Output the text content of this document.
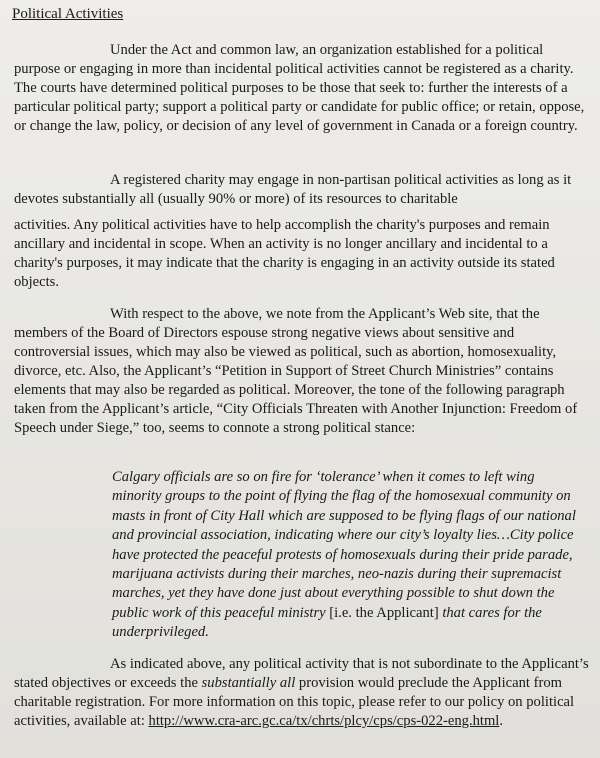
Political Activities

Under the Act and common law, an organization established for a political purpose or engaging in more than incidental political activities cannot be registered as a charity. The courts have determined political purposes to be those that seek to: further the interests of a particular political party; support a political party or candidate for public office; or retain, oppose, or change the law, policy, or decision of any level of government in Canada or a foreign country.

A registered charity may engage in non-partisan political activities as long as it devotes substantially all (usually 90% or more) of its resources to charitable

activities. Any political activities have to help accomplish the charity's purposes and remain ancillary and incidental in scope. When an activity is no longer ancillary and incidental to a charity's purposes, it may indicate that the charity is engaging in an activity outside its stated objects.

With respect to the above, we note from the Applicant’s Web site, that the members of the Board of Directors espouse strong negative views about sensitive and controversial issues, which may also be viewed as political, such as abortion, homosexuality, divorce, etc. Also, the Applicant’s “Petition in Support of Street Church Ministries” contains elements that may also be regarded as political. Moreover, the tone of the following paragraph taken from the Applicant’s article, “City Officials Threaten with Another Injunction: Freedom of Speech under Siege,” too, seems to connote a strong political stance:

Calgary officials are so on fire for ‘tolerance’ when it comes to left wing minority groups to the point of flying the flag of the homosexual community on masts in front of City Hall which are supposed to be flying flags of our national and provincial association, indicating where our city’s loyalty lies…City police have protected the peaceful protests of homosexuals during their pride parade, marijuana activists during their marches, neo-nazis during their supremacist marches, yet they have done just about everything possible to shut down the public work of this peaceful ministry [i.e. the Applicant] that cares for the underprivileged.

As indicated above, any political activity that is not subordinate to the Applicant’s stated objectives or exceeds the substantially all provision would preclude the Applicant from charitable registration. For more information on this topic, please refer to our policy on political activities, available at: http://www.cra-arc.gc.ca/tx/chrts/plcy/cps/cps-022-eng.html.
